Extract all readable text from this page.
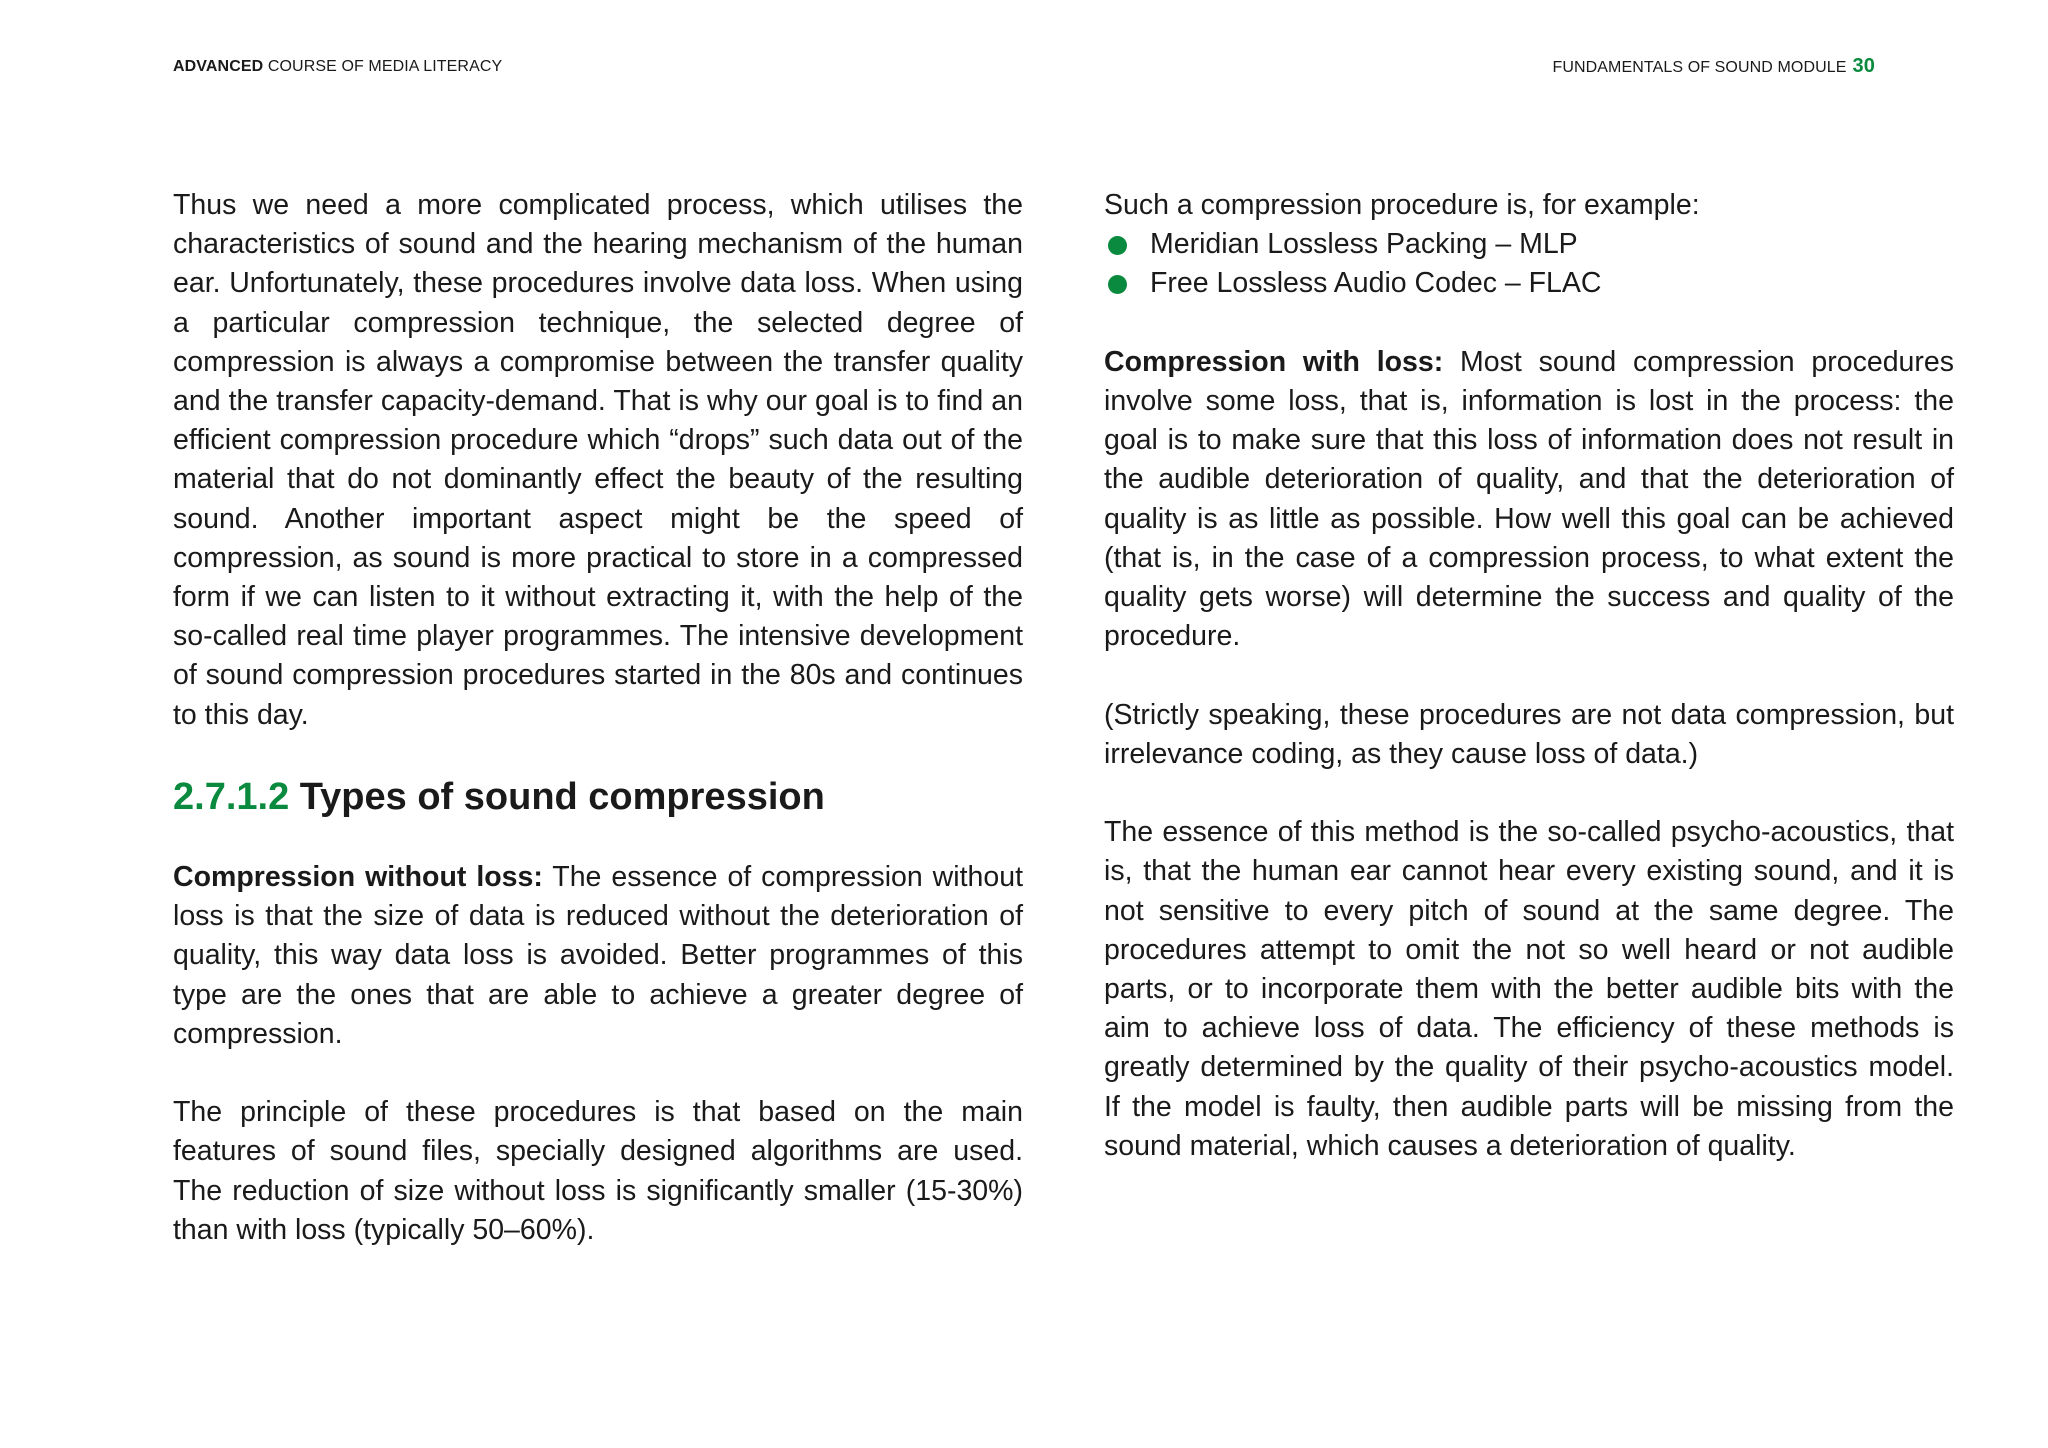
ADVANCED COURSE OF MEDIA LITERACY	FUNDAMENTALS OF SOUND MODULE 30

Thus we need a more complicated process, which utilises the characteristics of sound and the hearing mechanism of the human ear. Unfortunately, these procedures involve data loss. When using a particular compression technique, the selected degree of compression is always a compromise between the transfer quality and the transfer capacity-demand. That is why our goal is to find an efficient compression procedure which “drops” such data out of the material that do not dominantly effect the beauty of the resulting sound. Another important aspect might be the speed of compression, as sound is more practical to store in a compressed form if we can listen to it without extracting it, with the help of the so-called real time player programmes. The intensive development of sound compression procedures started in the 80s and continues to this day.

2.7.1.2 Types of sound compression

Compression without loss: The essence of compression without loss is that the size of data is reduced without the deterioration of quality, this way data loss is avoided. Better programmes of this type are the ones that are able to achieve a greater degree of compression.

The principle of these procedures is that based on the main features of sound files, specially designed algorithms are used. The reduction of size without loss is significantly smaller (15-30%) than with loss (typically 50–60%).

Such a compression procedure is, for example:

Meridian Lossless Packing – MLP
Free Lossless Audio Codec – FLAC

Compression with loss: Most sound compression procedures involve some loss, that is, information is lost in the process: the goal is to make sure that this loss of information does not result in the audible deterioration of quality, and that the deterioration of quality is as little as possible. How well this goal can be achieved (that is, in the case of a compression process, to what extent the quality gets worse) will determine the success and quality of the procedure.

(Strictly speaking, these procedures are not data compression, but irrelevance coding, as they cause loss of data.)

The essence of this method is the so-called psycho-acoustics, that is, that the human ear cannot hear every existing sound, and it is not sensitive to every pitch of sound at the same degree. The procedures attempt to omit the not so well heard or not audible parts, or to incorporate them with the better audible bits with the aim to achieve loss of data. The efficiency of these methods is greatly determined by the quality of their psycho-acoustics model. If the model is faulty, then audible parts will be missing from the sound material, which causes a deterioration of quality.
